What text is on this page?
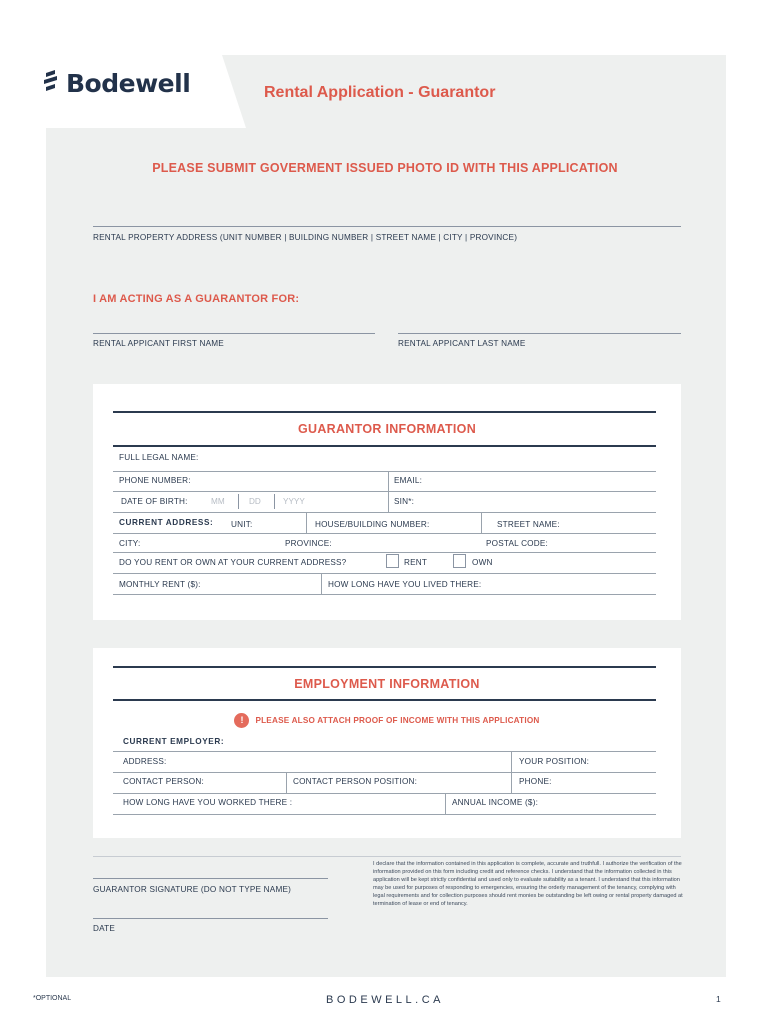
Bodewell	Rental Application - Guarantor
PLEASE SUBMIT GOVERMENT ISSUED PHOTO ID WITH THIS APPLICATION
RENTAL PROPERTY ADDRESS (UNIT NUMBER | BUILDING NUMBER | STREET NAME | CITY | PROVINCE)
I AM ACTING AS A GUARANTOR FOR:
RENTAL APPICANT FIRST NAME	RENTAL APPICANT LAST NAME
GUARANTOR INFORMATION
FULL LEGAL NAME:
PHONE NUMBER:	EMAIL:
DATE OF BIRTH:	MM	DD	YYYY	SIN*:
CURRENT ADDRESS: UNIT:	HOUSE/BUILDING NUMBER:	STREET NAME:
CITY:	PROVINCE:	POSTAL CODE:
DO YOU RENT OR OWN AT YOUR CURRENT ADDRESS?	RENT	OWN
MONTHLY RENT ($):	HOW LONG HAVE YOU LIVED THERE:
EMPLOYMENT INFORMATION
!	PLEASE ALSO ATTACH PROOF OF INCOME WITH THIS APPLICATION
CURRENT EMPLOYER:
ADDRESS:	YOUR POSITION:
CONTACT PERSON:	CONTACT PERSON POSITION:	PHONE:
HOW LONG HAVE YOU WORKED THERE :	ANNUAL INCOME ($):
GUARANTOR SIGNATURE (DO NOT TYPE NAME)
DATE
I declare that the information contained in this application is complete, accurate and truthfull. I authorize the verification of the information provided on this form including credit and reference checks. I understand that the information collected in this application will be kept strictly confidential and used only to evaluate suitability as a tenant. I understand that this information may be used for purposes of responding to emergencies, ensuring the orderly management of the tenancy, complying with legal requirements and for collection purposes should rent monies be outstanding be left owing or rental property damaged at termination of lease or end of tenancy.
*OPTIONAL	BODEWELL.CA	1
